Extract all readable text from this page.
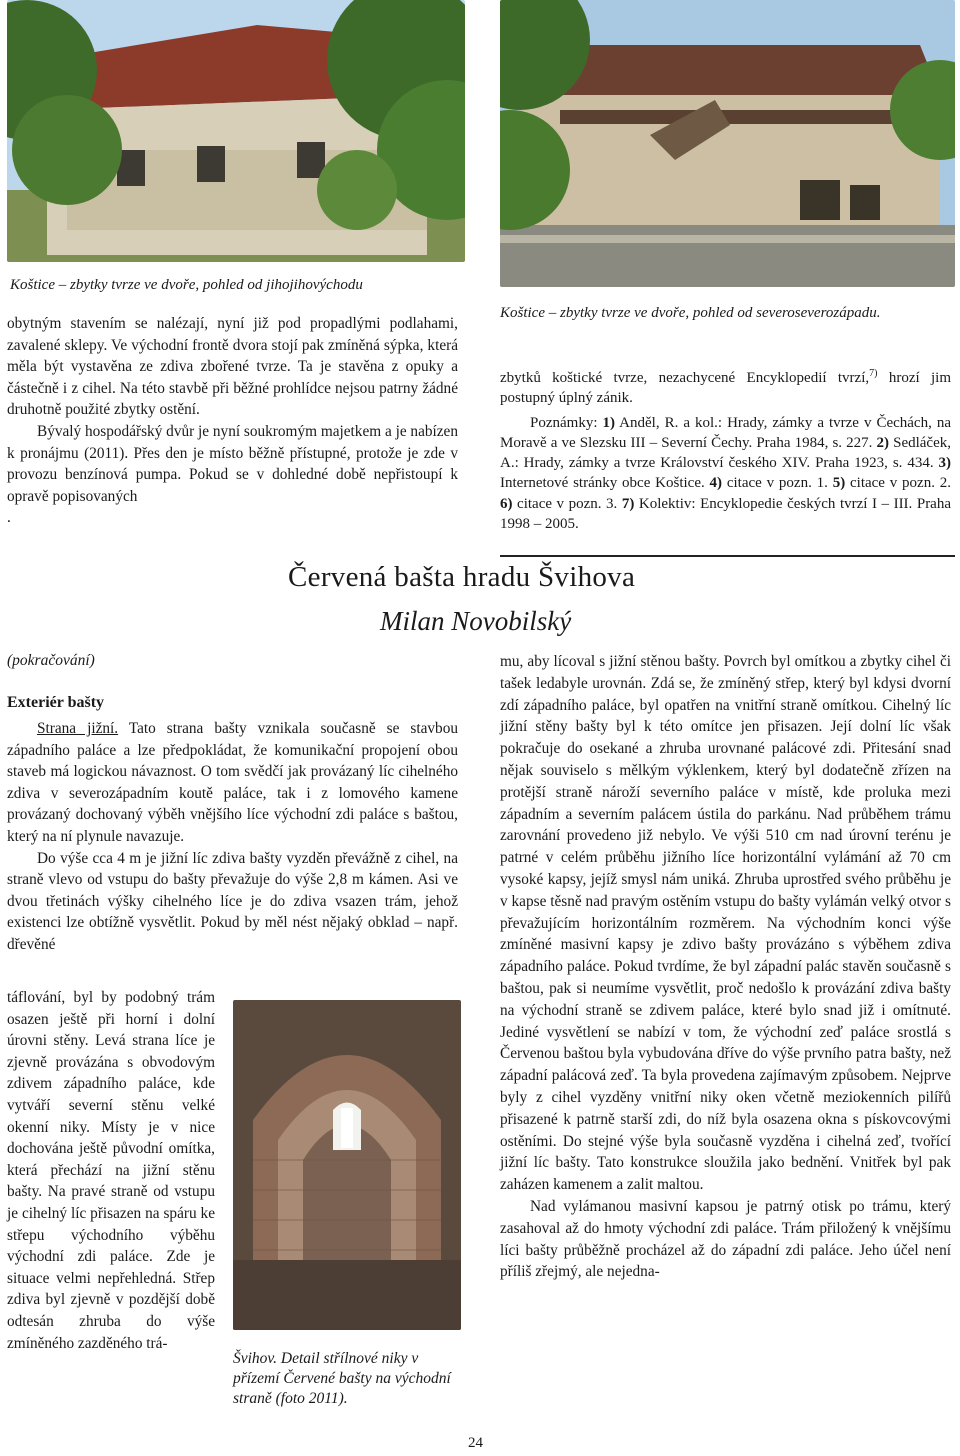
Koštice – zbytky tvrze ve dvoře, pohled od jihojihovýchodu
Koštice – zbytky tvrze ve dvoře, pohled od severoseverozápadu.

obytným stavením se nalézají, nyní již pod propadlými podlahami, zavalené sklepy. Ve východní frontě dvora stojí pak zmíněná sýpka, která měla být vystavěna ze zdiva zbořené tvrze. Ta je stavěna z opuky a částečně i z cihel. Na této stavbě při běžné prohlídce nejsou patrny žádné druhotně použité zbytky ostění.

Bývalý hospodářský dvůr je nyní soukromým majetkem a je nabízen k pronájmu (2011). Přes den je místo běžně přístupné, protože je zde v provozu benzínová pumpa. Pokud se v dohledné době nepřistoupí k opravě popisovaných

.

zbytků koštické tvrze, nezachycené Encyklopedií tvrzí,$^{7)}$ hrozí jim postupný úplný zánik.

Poznámky: 1) Anděl, R. a kol.: Hrady, zámky a tvrze v Čechách, na Moravě a ve Slezsku III – Severní Čechy. Praha 1984, s. 227. 2) Sedláček, A.: Hrady, zámky a tvrze Království českého XIV. Praha 1923, s. 434. 3) Internetové stránky obce Koštice. 4) citace v pozn. 1. 5) citace v pozn. 2. 6) citace v pozn. 3. 7) Kolektiv: Encyklopedie českých tvrzí I – III. Praha 1998 – 2005.

Červená bašta hradu Švihova
Milan Novobilský
(pokračování)
Exteriér bašty

Strana jižní. Tato strana bašty vznikala současně se stavbou západního paláce a lze předpokládat, že komunikační propojení obou staveb má logickou návaznost. O tom svědčí jak provázaný líc cihelného zdiva v severozápadním koutě paláce, tak i z lomového kamene provázaný dochovaný výběh vnějšího líce východní zdi paláce s baštou, který na ní plynule navazuje.

Do výše cca 4 m je jižní líc zdiva bašty vyzděn převážně z cihel, na straně vlevo od vstupu do bašty převažuje do výše 2,8 m kámen. Asi ve dvou třetinách výšky cihelného líce je do zdiva vsazen trám, jehož existenci lze obtížně vysvětlit. Pokud by měl nést nějaký obklad – např. dřevěné

táflování, byl by podobný trám osazen ještě při horní i dolní úrovni stěny. Levá strana líce je zjevně provázána s obvodovým zdivem západního paláce, kde vytváří severní stěnu velké okenní niky. Místy je v nice dochována ještě původní omítka, která přechází na jižní stěnu bašty. Na pravé straně od vstupu je cihelný líc přisazen na spáru ke střepu východního výběhu východní zdi paláce. Zde je situace velmi nepřehledná. Střep zdiva byl zjevně v pozdější době odtesán zhruba do výše zmíněného zazděného trá-

Švihov. Detail střílnové niky v přízemí Červené bašty na východní straně (foto 2011).

mu, aby lícoval s jižní stěnou bašty. Povrch byl omítkou a zbytky cihel či tašek ledabyle urovnán. Zdá se, že zmíněný střep, který byl kdysi dvorní zdí západního paláce, byl opatřen na vnitřní straně omítkou. Cihelný líc jižní stěny bašty byl k této omítce jen přisazen. Její dolní líc však pokračuje do osekané a zhruba urovnané palácové zdi. Přitesání snad nějak souviselo s mělkým výklenkem, který byl dodatečně zřízen na protější straně nároží severního paláce v místě, kde proluka mezi západním a severním palácem ústila do parkánu. Nad průběhem trámu zarovnání provedeno již nebylo. Ve výši 510 cm nad úrovní terénu je patrné v celém průběhu jižního líce horizontální vylámání až 70 cm vysoké kapsy, jejíž smysl nám uniká. Zhruba uprostřed svého průběhu je v kapse těsně nad pravým ostěním vstupu do bašty vylámán velký otvor s převažujícím horizontálním rozměrem. Na východním konci výše zmíněné masivní kapsy je zdivo bašty provázáno s výběhem zdiva západního paláce. Pokud tvrdíme, že byl západní palác stavěn současně s baštou, pak si neumíme vysvětlit, proč nedošlo k provázání zdiva bašty na východní straně se zdivem paláce, které bylo snad již i omítnuté. Jediné vysvětlení se nabízí v tom, že východní zeď paláce srostlá s Červenou baštou byla vybudována dříve do výše prvního patra bašty, než západní palácová zeď. Ta byla provedena zajímavým způsobem. Nejprve byly z cihel vyzděny vnitřní niky oken včetně meziokenních pilířů přisazené k patrně starší zdi, do níž byla osazena okna s pískovcovými ostěními. Do stejné výše byla současně vyzděna i cihelná zeď, tvořící jižní líc bašty. Tato konstrukce sloužila jako bednění. Vnitřek byl pak zaházen kamenem a zalit maltou.

Nad vylámanou masivní kapsou je patrný otisk po trámu, který zasahoval až do hmoty východní zdi paláce. Trám přiložený k vnějšímu líci bašty průběžně procházel až do západní zdi paláce. Jeho účel není příliš zřejmý, ale nejedna-

24
